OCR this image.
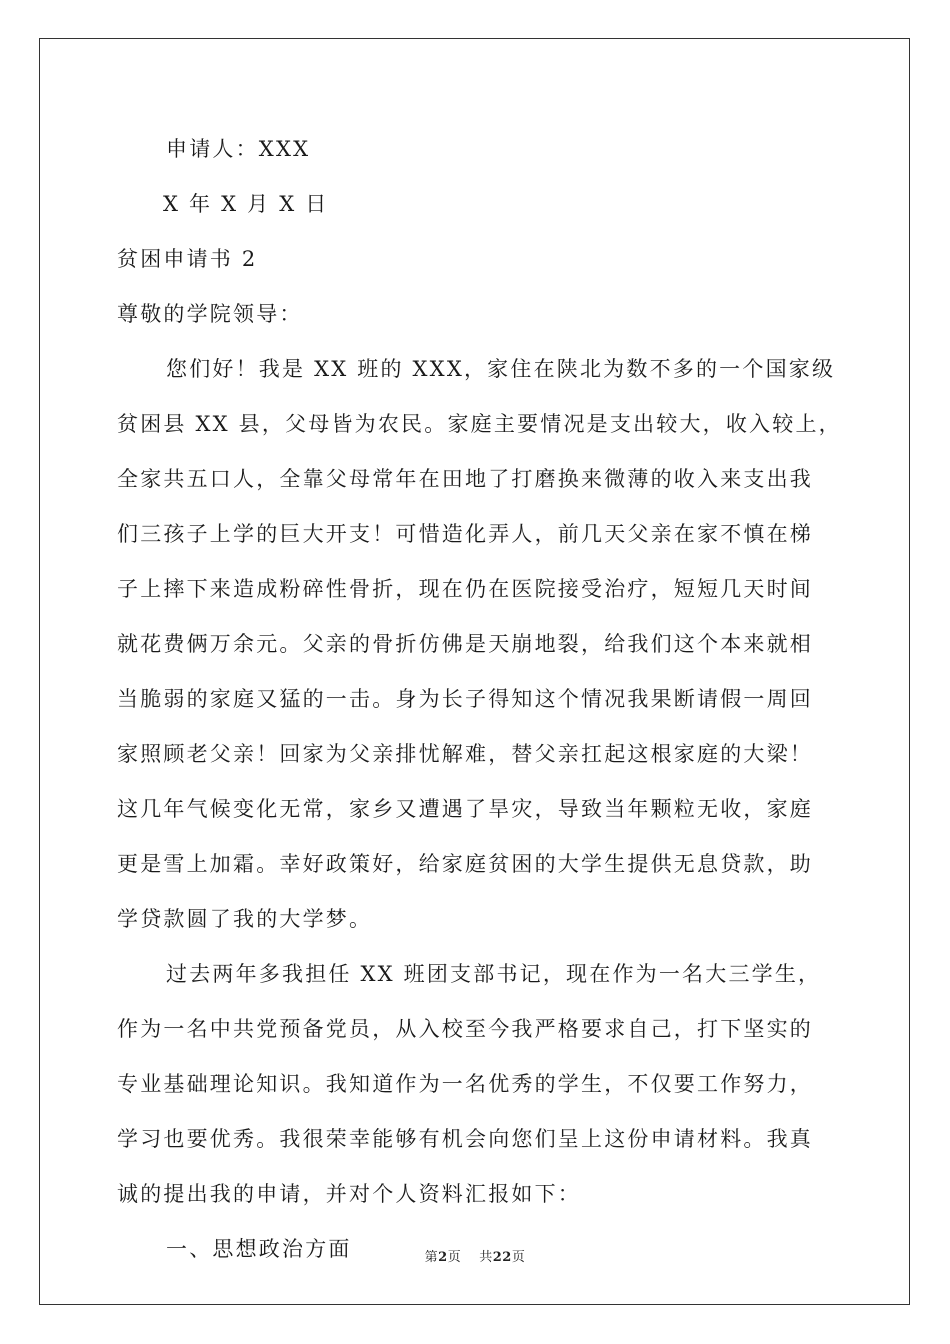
申请人：XXX
X 年 X 月 X 日
贫困申请书 2
尊敬的学院领导：
您们好！我是 XX 班的 XXX，家住在陕北为数不多的一个国家级
贫困县 XX 县，父母皆为农民。家庭主要情况是支出较大，收入较上，
全家共五口人，全靠父母常年在田地了打磨换来微薄的收入来支出我
们三孩子上学的巨大开支！可惜造化弄人，前几天父亲在家不慎在梯
子上摔下来造成粉碎性骨折，现在仍在医院接受治疗，短短几天时间
就花费俩万余元。父亲的骨折仿佛是天崩地裂，给我们这个本来就相
当脆弱的家庭又猛的一击。身为长子得知这个情况我果断请假一周回
家照顾老父亲！回家为父亲排忧解难，替父亲扛起这根家庭的大梁！
这几年气候变化无常，家乡又遭遇了旱灾，导致当年颗粒无收，家庭
更是雪上加霜。幸好政策好，给家庭贫困的大学生提供无息贷款，助
学贷款圆了我的大学梦。
过去两年多我担任 XX 班团支部书记，现在作为一名大三学生，
作为一名中共党预备党员，从入校至今我严格要求自己，打下坚实的
专业基础理论知识。我知道作为一名优秀的学生，不仅要工作努力，
学习也要优秀。我很荣幸能够有机会向您们呈上这份申请材料。我真
诚的提出我的申请，并对个人资料汇报如下：
一、思想政治方面	第2页 共22页
